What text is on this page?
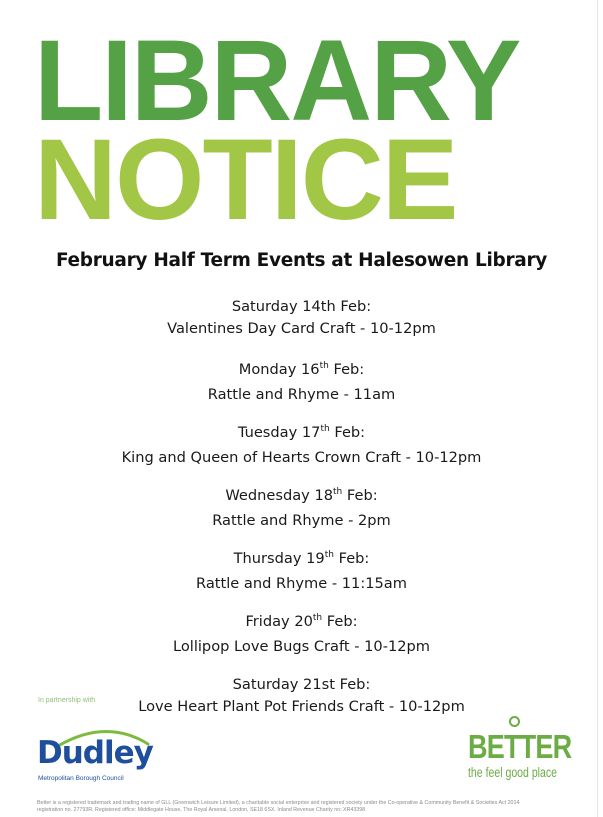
LIBRARY
NOTICE
February Half Term Events at Halesowen Library
Saturday 14th Feb:
Valentines Day Card Craft - 10-12pm
Monday 16th Feb:
Rattle and Rhyme - 11am
Tuesday 17th Feb:
King and Queen of Hearts Crown Craft - 10-12pm
Wednesday 18th Feb:
Rattle and Rhyme - 2pm
Thursday 19th Feb:
Rattle and Rhyme - 11:15am
Friday 20th Feb:
Lollipop Love Bugs Craft - 10-12pm
Saturday 21st Feb:
Love Heart Plant Pot Friends Craft - 10-12pm
In partnership with
Dudley
Metropolitan Borough Council
BETTER
the feel good place
Better is a registered trademark and trading name of GLL (Greenwich Leisure Limited), a charitable social enterprise and registered society under the Co-operative & Community Benefit & Societies Act 2014
registration no. 27793R. Registered office: Middlegate House, The Royal Arsenal, London, SE18 6SX. Inland Revenue Charity no: XR43398
